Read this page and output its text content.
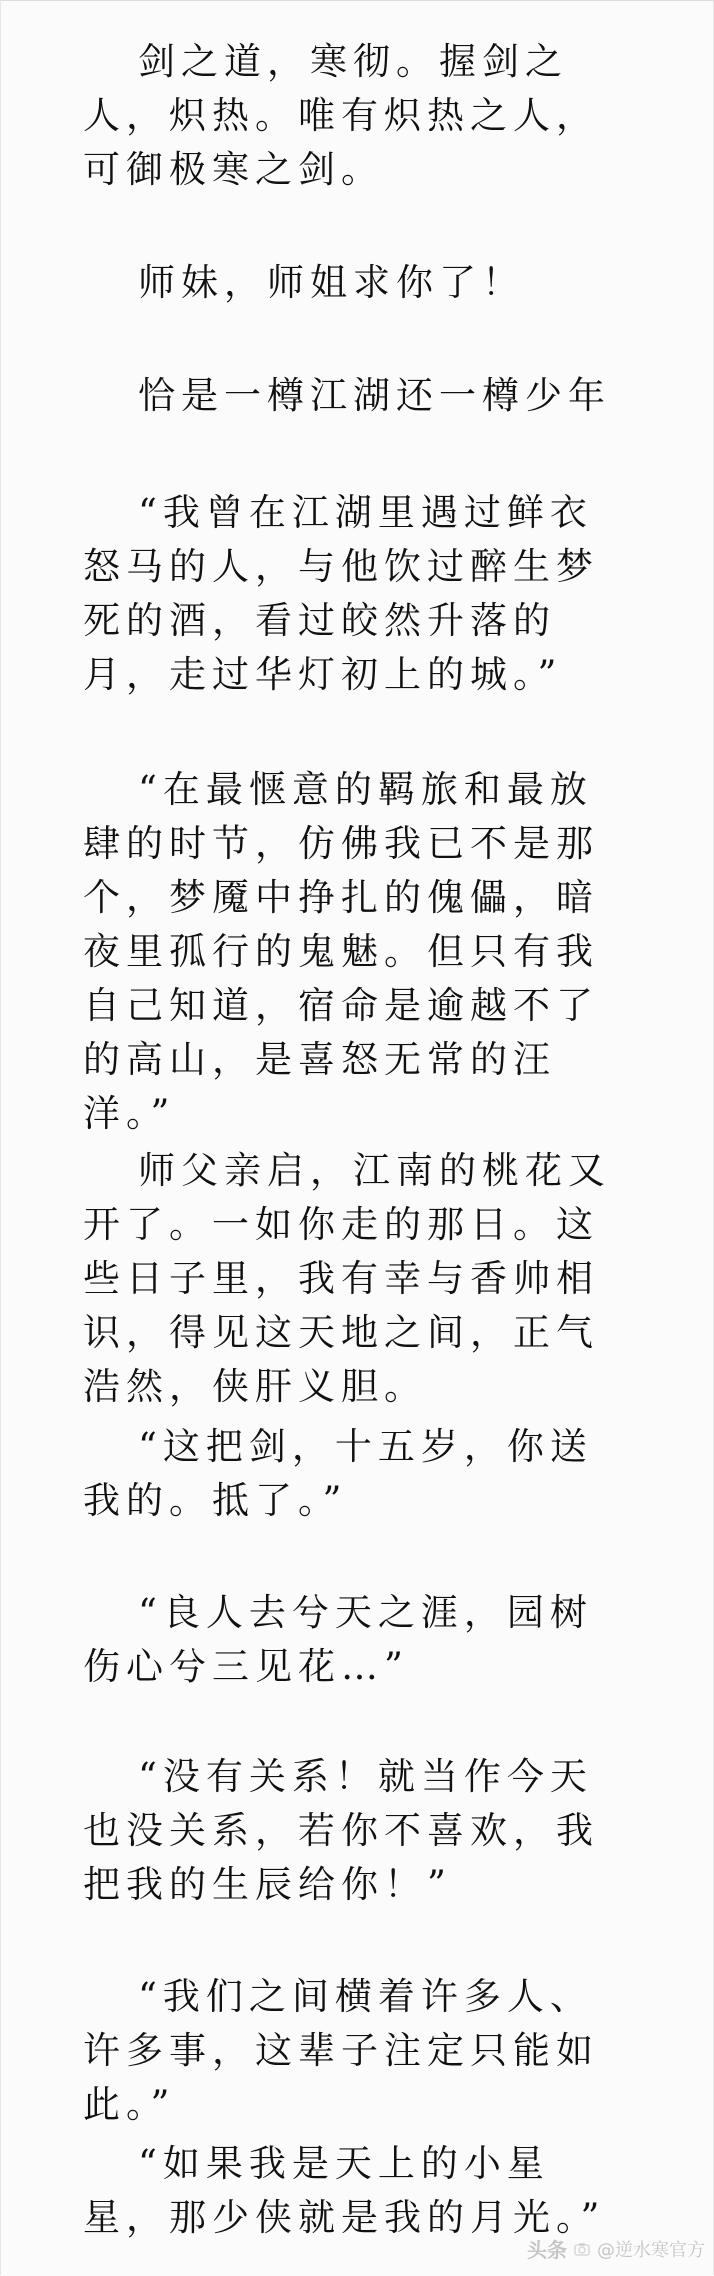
剑之道，寒彻。握剑之人，炽热。唯有炽热之人，可御极寒之剑。

师妹，师姐求你了！

恰是一樽江湖还一樽少年

“我曾在江湖里遇过鲜衣怒马的人，与他饮过醉生梦死的酒，看过皎然升落的月，走过华灯初上的城。”

“在最惬意的羁旅和最放肆的时节，仿佛我已不是那个，梦魇中挣扎的傀儡，暗夜里孤行的鬼魅。但只有我自己知道，宿命是逾越不了的高山，是喜怒无常的汪洋。”

师父亲启，江南的桃花又开了。一如你走的那日。这些日子里，我有幸与香帅相识，得见这天地之间，正气浩然，侠肝义胆。

“这把剑，十五岁，你送我的。抵了。”

“良人去兮天之涯，园树伤心兮三见花…”

“没有关系！就当作今天也没关系，若你不喜欢，我把我的生辰给你！”

“我们之间横着许多人、许多事，这辈子注定只能如此。”

“如果我是天上的小星星，那少侠就是我的月光。”

头条 @逆水寒官方
